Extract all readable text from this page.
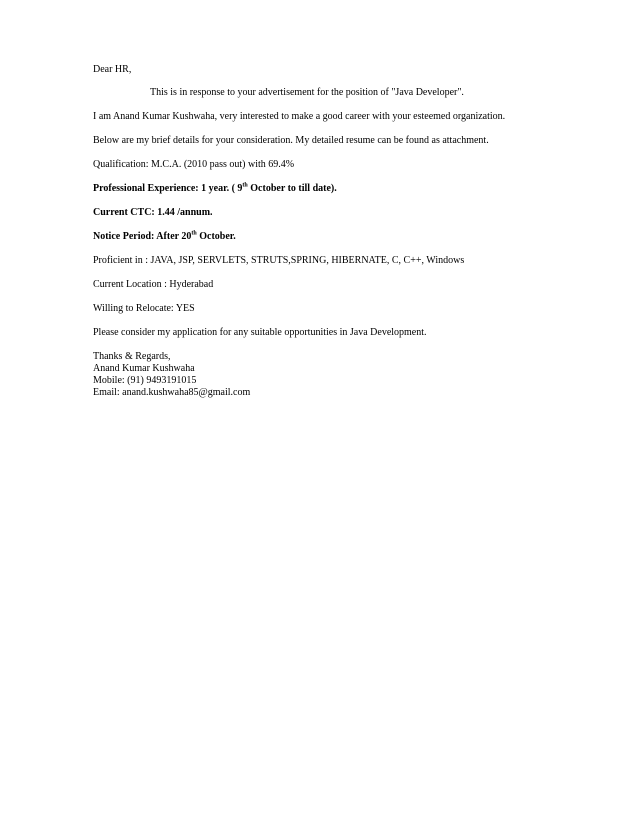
Dear HR,
This is in response to your advertisement for the position of "Java Developer".
I am Anand Kumar Kushwaha, very interested to make a good career with your esteemed organization.
Below are my brief details for your consideration. My detailed resume can be found as attachment.
Qualification: M.C.A. (2010 pass out) with 69.4%
Professional Experience: 1 year. ( 9th October to till date).
Current CTC: 1.44 /annum.
Notice Period: After 20th October.
Proficient in : JAVA, JSP, SERVLETS, STRUTS,SPRING, HIBERNATE, C, C++, Windows
Current Location : Hyderabad
Willing to Relocate: YES
Please consider my application for any suitable opportunities in Java Development.
Thanks & Regards,
Anand Kumar Kushwaha
Mobile: (91) 9493191015
Email: anand.kushwaha85@gmail.com
